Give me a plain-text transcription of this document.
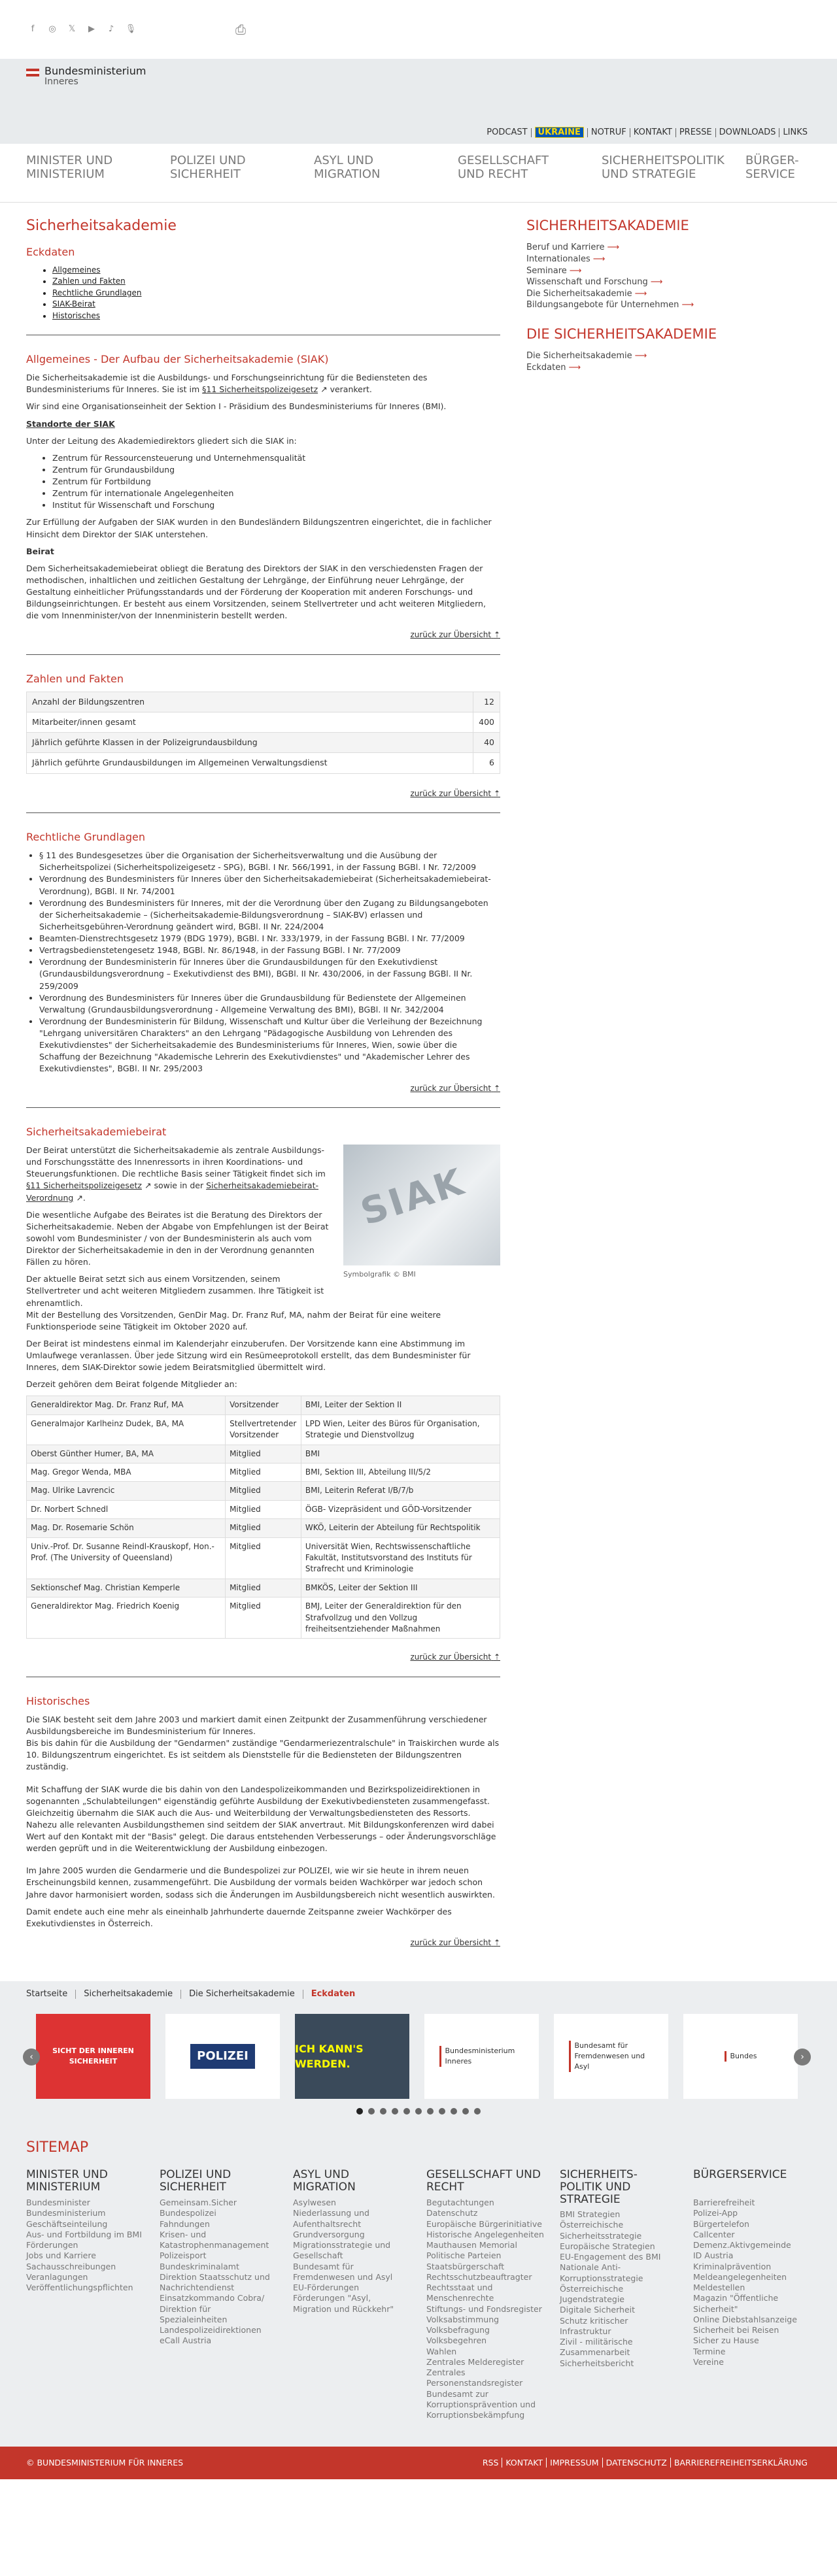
f	◎	𝕏	▶	♪	🎙	⎙
Bundesministerium
Inneres
PODCAST	UKRAINE	NOTRUF KONTAKT PRESSE DOWNLOADS LINKS
MINISTER UND MINISTERIUM
POLIZEI UND SICHERHEIT
ASYL UND MIGRATION
GESELLSCHAFT UND RECHT
SICHERHEITSPOLITIK UND STRATEGIE
BÜRGER-SERVICE
Sicherheitsakademie
Eckdaten
• Allgemeines
• Zahlen und Fakten
• Rechtliche Grundlagen
• SIAK-Beirat
• Historisches
Allgemeines - Der Aufbau der Sicherheitsakademie (SIAK)

Die Sicherheitsakademie ist die Ausbildungs- und Forschungseinrichtung für die Bediensteten des Bundesministeriums für Inneres. Sie ist im §11 Sicherheitspolizeigesetz ↗ verankert.

Wir sind eine Organisationseinheit der Sektion I - Präsidium des Bundesministeriums für Inneres (BMI).

Standorte der SIAK

Unter der Leitung des Akademiedirektors gliedert sich die SIAK in:

• Zentrum für Ressourcensteuerung und Unternehmensqualität
• Zentrum für Grundausbildung
• Zentrum für Fortbildung
• Zentrum für internationale Angelegenheiten
• Institut für Wissenschaft und Forschung

Zur Erfüllung der Aufgaben der SIAK wurden in den Bundesländern Bildungszentren eingerichtet, die in fachlicher Hinsicht dem Direktor der SIAK unterstehen.

Beirat

Dem Sicherheitsakademiebeirat obliegt die Beratung des Direktors der SIAK in den verschiedensten Fragen der methodischen, inhaltlichen und zeitlichen Gestaltung der Lehrgänge, der Einführung neuer Lehrgänge, der Gestaltung einheitlicher Prüfungsstandards und der Förderung der Kooperation mit anderen Forschungs- und Bildungseinrichtungen. Er besteht aus einem Vorsitzenden, seinem Stellvertreter und acht weiteren Mitgliedern, die vom Innenminister/von der Innenministerin bestellt werden.

zurück zur Übersicht ⇡
Zahlen und Fakten
Anzahl der Bildungszentren	12
Mitarbeiter/innen gesamt	400
Jährlich geführte Klassen in der Polizeigrundausbildung	40
Jährlich geführte Grundausbildungen im Allgemeinen Verwaltungsdienst	6
zurück zur Übersicht ⇡
Rechtliche Grundlagen
• § 11 des Bundesgesetzes über die Organisation der Sicherheitsverwaltung und die Ausübung der Sicherheitspolizei (Sicherheitspolizeigesetz - SPG), BGBl. I Nr. 566/1991, in der Fassung BGBl. I Nr. 72/2009
• Verordnung des Bundesministers für Inneres über den Sicherheitsakademiebeirat (Sicherheitsakademiebeirat-Verordnung), BGBl. II Nr. 74/2001
• Verordnung des Bundesministers für Inneres, mit der die Verordnung über den Zugang zu Bildungsangeboten der Sicherheitsakademie – (Sicherheitsakademie-Bildungsverordnung – SIAK-BV) erlassen und Sicherheitsgebühren-Verordnung geändert wird, BGBl. II Nr. 224/2004
• Beamten-Dienstrechtsgesetz 1979 (BDG 1979), BGBl. I Nr. 333/1979, in der Fassung BGBl. I Nr. 77/2009
• Vertragsbedienstetengesetz 1948, BGBl. Nr. 86/1948, in der Fassung BGBl. I Nr. 77/2009
• Verordnung der Bundesministerin für Inneres über die Grundausbildungen für den Exekutivdienst (Grundausbildungsverordnung – Exekutivdienst des BMI), BGBl. II Nr. 430/2006, in der Fassung BGBl. II Nr. 259/2009
• Verordnung des Bundesministers für Inneres über die Grundausbildung für Bedienstete der Allgemeinen Verwaltung (Grundausbildungsverordnung - Allgemeine Verwaltung des BMI), BGBl. II Nr. 342/2004
• Verordnung der Bundesministerin für Bildung, Wissenschaft und Kultur über die Verleihung der Bezeichnung "Lehrgang universitären Charakters" an den Lehrgang "Pädagogische Ausbildung von Lehrenden des Exekutivdienstes" der Sicherheitsakademie des Bundesministeriums für Inneres, Wien, sowie über die Schaffung der Bezeichnung "Akademische Lehrerin des Exekutivdienstes" und "Akademischer Lehrer des Exekutivdienstes", BGBl. II Nr. 295/2003
zurück zur Übersicht ⇡
Sicherheitsakademiebeirat
SIAK
Symbolgrafik © BMI

Der Beirat unterstützt die Sicherheitsakademie als zentrale Ausbildungs- und Forschungsstätte des Innenressorts in ihren Koordinations- und Steuerungsfunktionen. Die rechtliche Basis seiner Tätigkeit findet sich im §11 Sicherheitspolizeigesetz ↗ sowie in der Sicherheitsakademiebeirat-Verordnung ↗.

Die wesentliche Aufgabe des Beirates ist die Beratung des Direktors der Sicherheitsakademie. Neben der Abgabe von Empfehlungen ist der Beirat sowohl vom Bundesminister / von der Bundesministerin als auch vom Direktor der Sicherheitsakademie in den in der Verordnung genannten Fällen zu hören.

Der aktuelle Beirat setzt sich aus einem Vorsitzenden, seinem Stellvertreter und acht weiteren Mitgliedern zusammen. Ihre Tätigkeit ist ehrenamtlich.
Mit der Bestellung des Vorsitzenden, GenDir Mag. Dr. Franz Ruf, MA, nahm der Beirat für eine weitere Funktionsperiode seine Tätigkeit im Oktober 2020 auf.

Der Beirat ist mindestens einmal im Kalenderjahr einzuberufen. Der Vorsitzende kann eine Abstimmung im Umlaufwege veranlassen. Über jede Sitzung wird ein Resümeeprotokoll erstellt, das dem Bundesminister für Inneres, dem SIAK-Direktor sowie jedem Beiratsmitglied übermittelt wird.

Derzeit gehören dem Beirat folgende Mitglieder an:

Generaldirektor Mag. Dr. Franz Ruf, MA	Vorsitzender	BMI, Leiter der Sektion II
Generalmajor Karlheinz Dudek, BA, MA	Stellvertretender Vorsitzender	LPD Wien, Leiter des Büros für Organisation, Strategie und Dienstvollzug
Oberst Günther Humer, BA, MA	Mitglied	BMI
Mag. Gregor Wenda, MBA	Mitglied	BMI, Sektion III, Abteilung III/5/2
Mag. Ulrike Lavrencic	Mitglied	BMI, Leiterin Referat I/B/7/b
Dr. Norbert Schnedl	Mitglied	ÖGB- Vizepräsident und GÖD-Vorsitzender
Mag. Dr. Rosemarie Schön	Mitglied	WKÖ, Leiterin der Abteilung für Rechtspolitik
Univ.-Prof. Dr. Susanne Reindl-Krauskopf, Hon.-Prof. (The University of Queensland)	Mitglied	Universität Wien, Rechtswissenschaftliche Fakultät, Institutsvorstand des Instituts für Strafrecht und Kriminologie
Sektionschef Mag. Christian Kemperle	Mitglied	BMKÖS, Leiter der Sektion III
Generaldirektor Mag. Friedrich Koenig	Mitglied	BMJ, Leiter der Generaldirektion für den Strafvollzug und den Vollzug freiheitsentziehender Maßnahmen
zurück zur Übersicht ⇡
Historisches

Die SIAK besteht seit dem Jahre 2003 und markiert damit einen Zeitpunkt der Zusammenführung verschiedener Ausbildungsbereiche im Bundesministerium für Inneres.
Bis bis dahin für die Ausbildung der "Gendarmen" zuständige "Gendarmeriezentralschule" in Traiskirchen wurde als 10. Bildungszentrum eingerichtet. Es ist seitdem als Dienststelle für die Bediensteten der Bildungszentren zuständig.

Mit Schaffung der SIAK wurde die bis dahin von den Landespolizeikommanden und Bezirkspolizeidirektionen in sogenannten „Schulabteilungen" eigenständig geführte Ausbildung der Exekutivbediensteten zusammengefasst. Gleichzeitig übernahm die SIAK auch die Aus- und Weiterbildung der Verwaltungsbediensteten des Ressorts. Nahezu alle relevanten Ausbildungsthemen sind seitdem der SIAK anvertraut. Mit Bildungskonferenzen wird dabei Wert auf den Kontakt mit der "Basis" gelegt. Die daraus entstehenden Verbesserungs – oder Änderungsvorschläge werden geprüft und in die Weiterentwicklung der Ausbildung einbezogen.

Im Jahre 2005 wurden die Gendarmerie und die Bundespolizei zur POLIZEI, wie wir sie heute in ihrem neuen Erscheinungsbild kennen, zusammengeführt. Die Ausbildung der vormals beiden Wachkörper war jedoch schon Jahre davor harmonisiert worden, sodass sich die Änderungen im Ausbildungsbereich nicht wesentlich auswirkten.

Damit endete auch eine mehr als eineinhalb Jahrhunderte dauernde Zeitspanne zweier Wachkörper des Exekutivdienstes in Österreich.

zurück zur Übersicht ⇡
SICHERHEITSAKADEMIE
Beruf und Karriere ⟶
Internationales ⟶
Seminare ⟶
Wissenschaft und Forschung ⟶
Die Sicherheitsakademie ⟶
Bildungsangebote für Unternehmen ⟶
DIE SICHERHEITSAKADEMIE
Die Sicherheitsakademie ⟶
Eckdaten ⟶
Startseite	Sicherheitsakademie	Die Sicherheitsakademie	Eckdaten
SICHT DER INNEREN SICHERHEIT	POLIZEI
ICH KANN'S WERDEN.
Bundesministerium Inneres
Bundesamt für Fremdenwesen und Asyl
Bundes
‹	›
SITEMAP
MINISTER UND MINISTERIUM
Bundesminister
Bundesministerium
Geschäftseinteilung
Aus- und Fortbildung im BMI
Förderungen
Jobs und Karriere
Sachausschreibungen
Veranlagungen
Veröffentlichungspflichten
POLIZEI UND SICHERHEIT
Gemeinsam.Sicher
Bundespolizei
Fahndungen
Krisen- und Katastrophenmanagement
Polizeisport
Bundeskriminalamt
Direktion Staatsschutz und Nachrichtendienst
Einsatzkommando Cobra/ Direktion für Spezialeinheiten
Landespolizeidirektionen
eCall Austria
ASYL UND MIGRATION
Asylwesen
Niederlassung und Aufenthaltsrecht
Grundversorgung
Migrationsstrategie und Gesellschaft
Bundesamt für Fremdenwesen und Asyl
EU-Förderungen
Förderungen "Asyl, Migration und Rückkehr"
GESELLSCHAFT UND RECHT
Begutachtungen
Datenschutz
Europäische Bürgerinitiative
Historische Angelegenheiten
Mauthausen Memorial
Politische Parteien
Staatsbürgerschaft
Rechtsschutzbeauftragter
Rechtsstaat und Menschenrechte
Stiftungs- und Fondsregister
Volksabstimmung
Volksbefragung
Volksbegehren
Wahlen
Zentrales Melderegister
Zentrales Personenstandsregister
Bundesamt zur Korruptionsprävention und Korruptionsbekämpfung
SICHERHEITS-POLITIK UND STRATEGIE
BMI Strategien
Österreichische Sicherheitsstrategie
Europäische Strategien
EU-Engagement des BMI
Nationale Anti-Korruptionsstrategie
Österreichische Jugendstrategie
Digitale Sicherheit
Schutz kritischer Infrastruktur
Zivil - militärische Zusammenarbeit
Sicherheitsbericht
BÜRGERSERVICE
Barrierefreiheit
Polizei-App
Bürgertelefon
Callcenter
Demenz.Aktivgemeinde
ID Austria
Kriminalprävention
Meldeangelegenheiten
Meldestellen
Magazin "Öffentliche Sicherheit"
Online Diebstahlsanzeige
Sicherheit bei Reisen
Sicher zu Hause
Termine
Vereine
© BUNDESMINISTERIUM FÜR INNERES	RSS KONTAKT IMPRESSUM DATENSCHUTZ BARRIEREFREIHEITSERKLÄRUNG
